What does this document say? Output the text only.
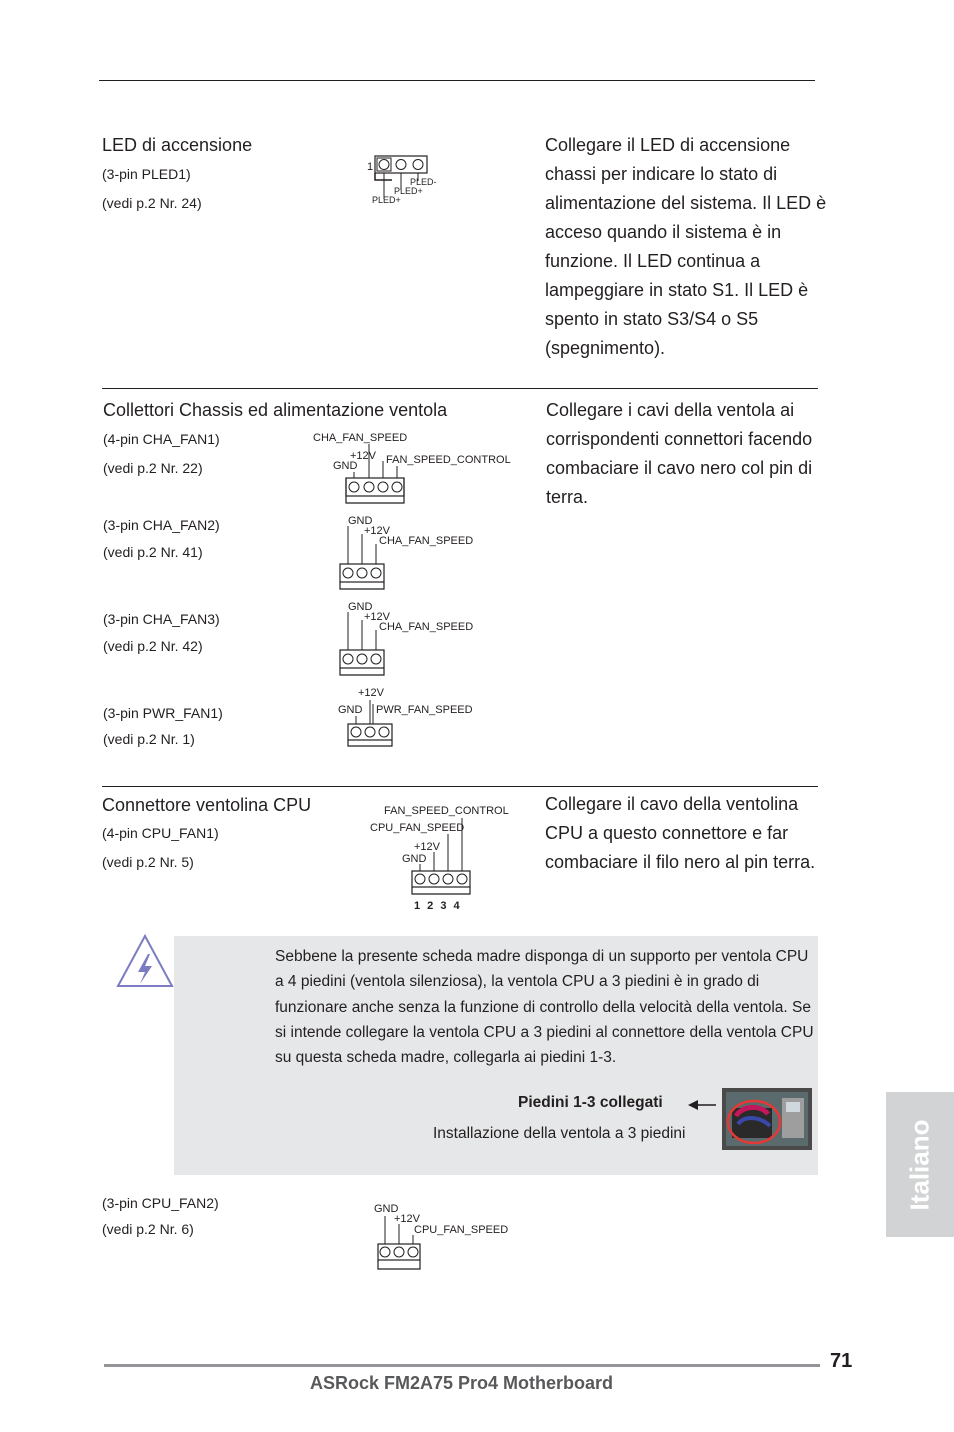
LED di accensione
(3-pin PLED1)
(vedi p.2 Nr. 24)
1
PLED-
PLED+
PLED+
Collegare il LED di accensione chassi per indicare lo stato di alimentazione del sistema. Il LED è acceso quando il sistema è in funzione. Il LED continua a lampeggiare in stato S1. Il LED è spento in stato S3/S4 o S5 (spegnimento).
Collettori Chassis ed alimentazione ventola	Collegare i cavi della ventola ai corrispondenti connettori facendo combaciare il cavo nero col pin di terra.
(4-pin CHA_FAN1)
(vedi p.2 Nr. 22)
CHA_FAN_SPEED
+12V FAN_SPEED_CONTROL
GND
(3-pin CHA_FAN2)
(vedi p.2 Nr. 41)
GND
+12V
CHA_FAN_SPEED
(3-pin CHA_FAN3)
(vedi p.2 Nr. 42)
GND
+12V
CHA_FAN_SPEED
(3-pin PWR_FAN1)
(vedi p.2 Nr. 1)
+12V
GND PWR_FAN_SPEED
Connettore ventolina CPU
(4-pin CPU_FAN1)
(vedi p.2 Nr. 5)
FAN_SPEED_CONTROL
CPU_FAN_SPEED
+12V
GND
1 2 3 4
Collegare il cavo della ventolina CPU a questo connettore e far combaciare il filo nero al pin terra.
Sebbene la presente scheda madre disponga di un supporto per ventola CPU a 4 piedini (ventola silenziosa), la ventola CPU a 3 piedini è in grado di funzionare anche senza la funzione di controllo della velocità della ventola. Se si intende collegare la ventola CPU a 3 piedini al connettore della ventola CPU su questa scheda madre, collegarla ai piedini 1-3.
Piedini 1-3 collegati
Installazione della ventola a 3 piedini
(3-pin CPU_FAN2)
(vedi p.2 Nr. 6)
GND
+12V
CPU_FAN_SPEED
Italiano
71
ASRock FM2A75 Pro4 Motherboard
